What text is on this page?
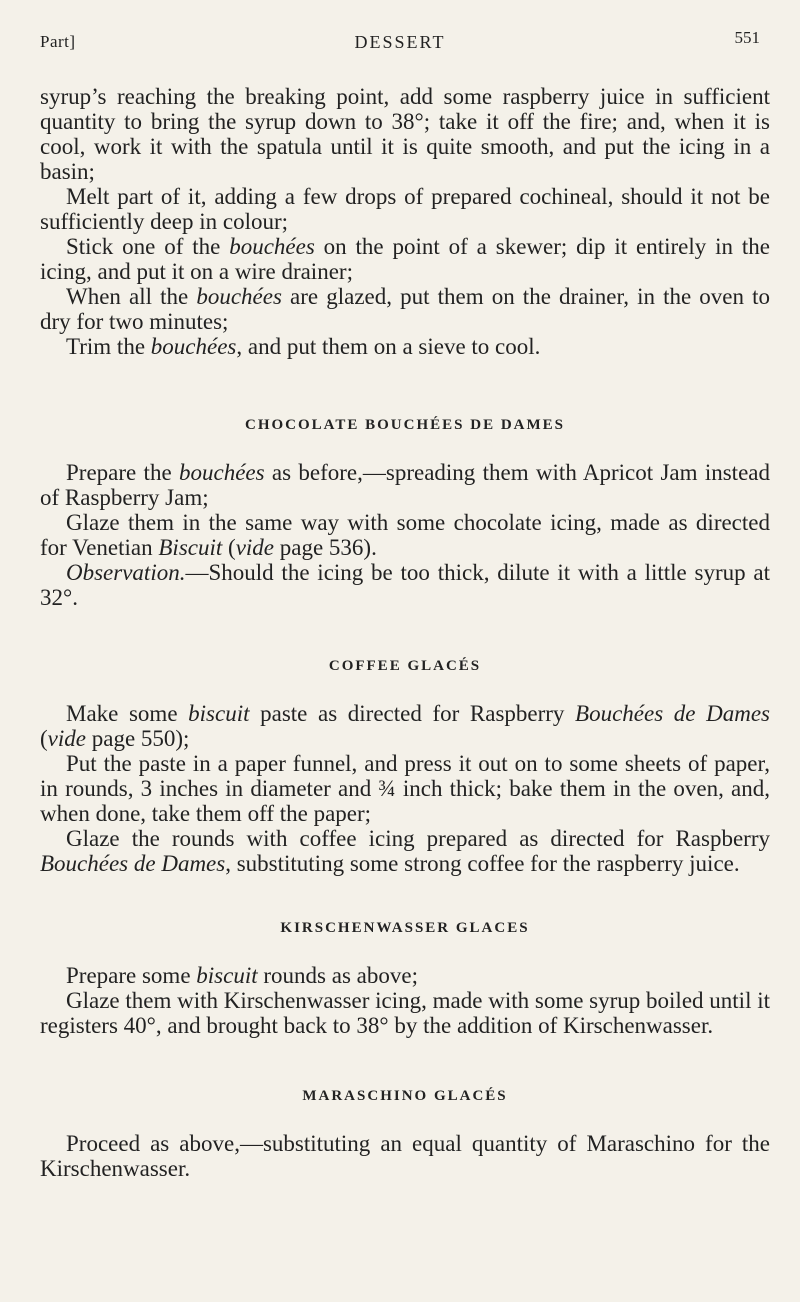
Part]	DESSERT	551

syrup’s reaching the breaking point, add some raspberry juice in sufficient quantity to bring the syrup down to 38°; take it off the fire; and, when it is cool, work it with the spatula until it is quite smooth, and put the icing in a basin;

Melt part of it, adding a few drops of prepared cochineal, should it not be sufficiently deep in colour;

Stick one of the bouchées on the point of a skewer; dip it entirely in the icing, and put it on a wire drainer;

When all the bouchées are glazed, put them on the drainer, in the oven to dry for two minutes;

Trim the bouchées, and put them on a sieve to cool.

CHOCOLATE BOUCHÉES DE DAMES

Prepare the bouchées as before,—spreading them with Apricot Jam instead of Raspberry Jam;

Glaze them in the same way with some chocolate icing, made as directed for Venetian Biscuit (vide page 536).

Observation.—Should the icing be too thick, dilute it with a little syrup at 32°.

COFFEE GLACÉS

Make some biscuit paste as directed for Raspberry Bouchées de Dames (vide page 550);

Put the paste in a paper funnel, and press it out on to some sheets of paper, in rounds, 3 inches in diameter and ¾ inch thick; bake them in the oven, and, when done, take them off the paper;

Glaze the rounds with coffee icing prepared as directed for Raspberry Bouchées de Dames, substituting some strong coffee for the raspberry juice.

KIRSCHENWASSER GLACES

Prepare some biscuit rounds as above;

Glaze them with Kirschenwasser icing, made with some syrup boiled until it registers 40°, and brought back to 38° by the addition of Kirschenwasser.

MARASCHINO GLACÉS

Proceed as above,—substituting an equal quantity of Maraschino for the Kirschenwasser.
